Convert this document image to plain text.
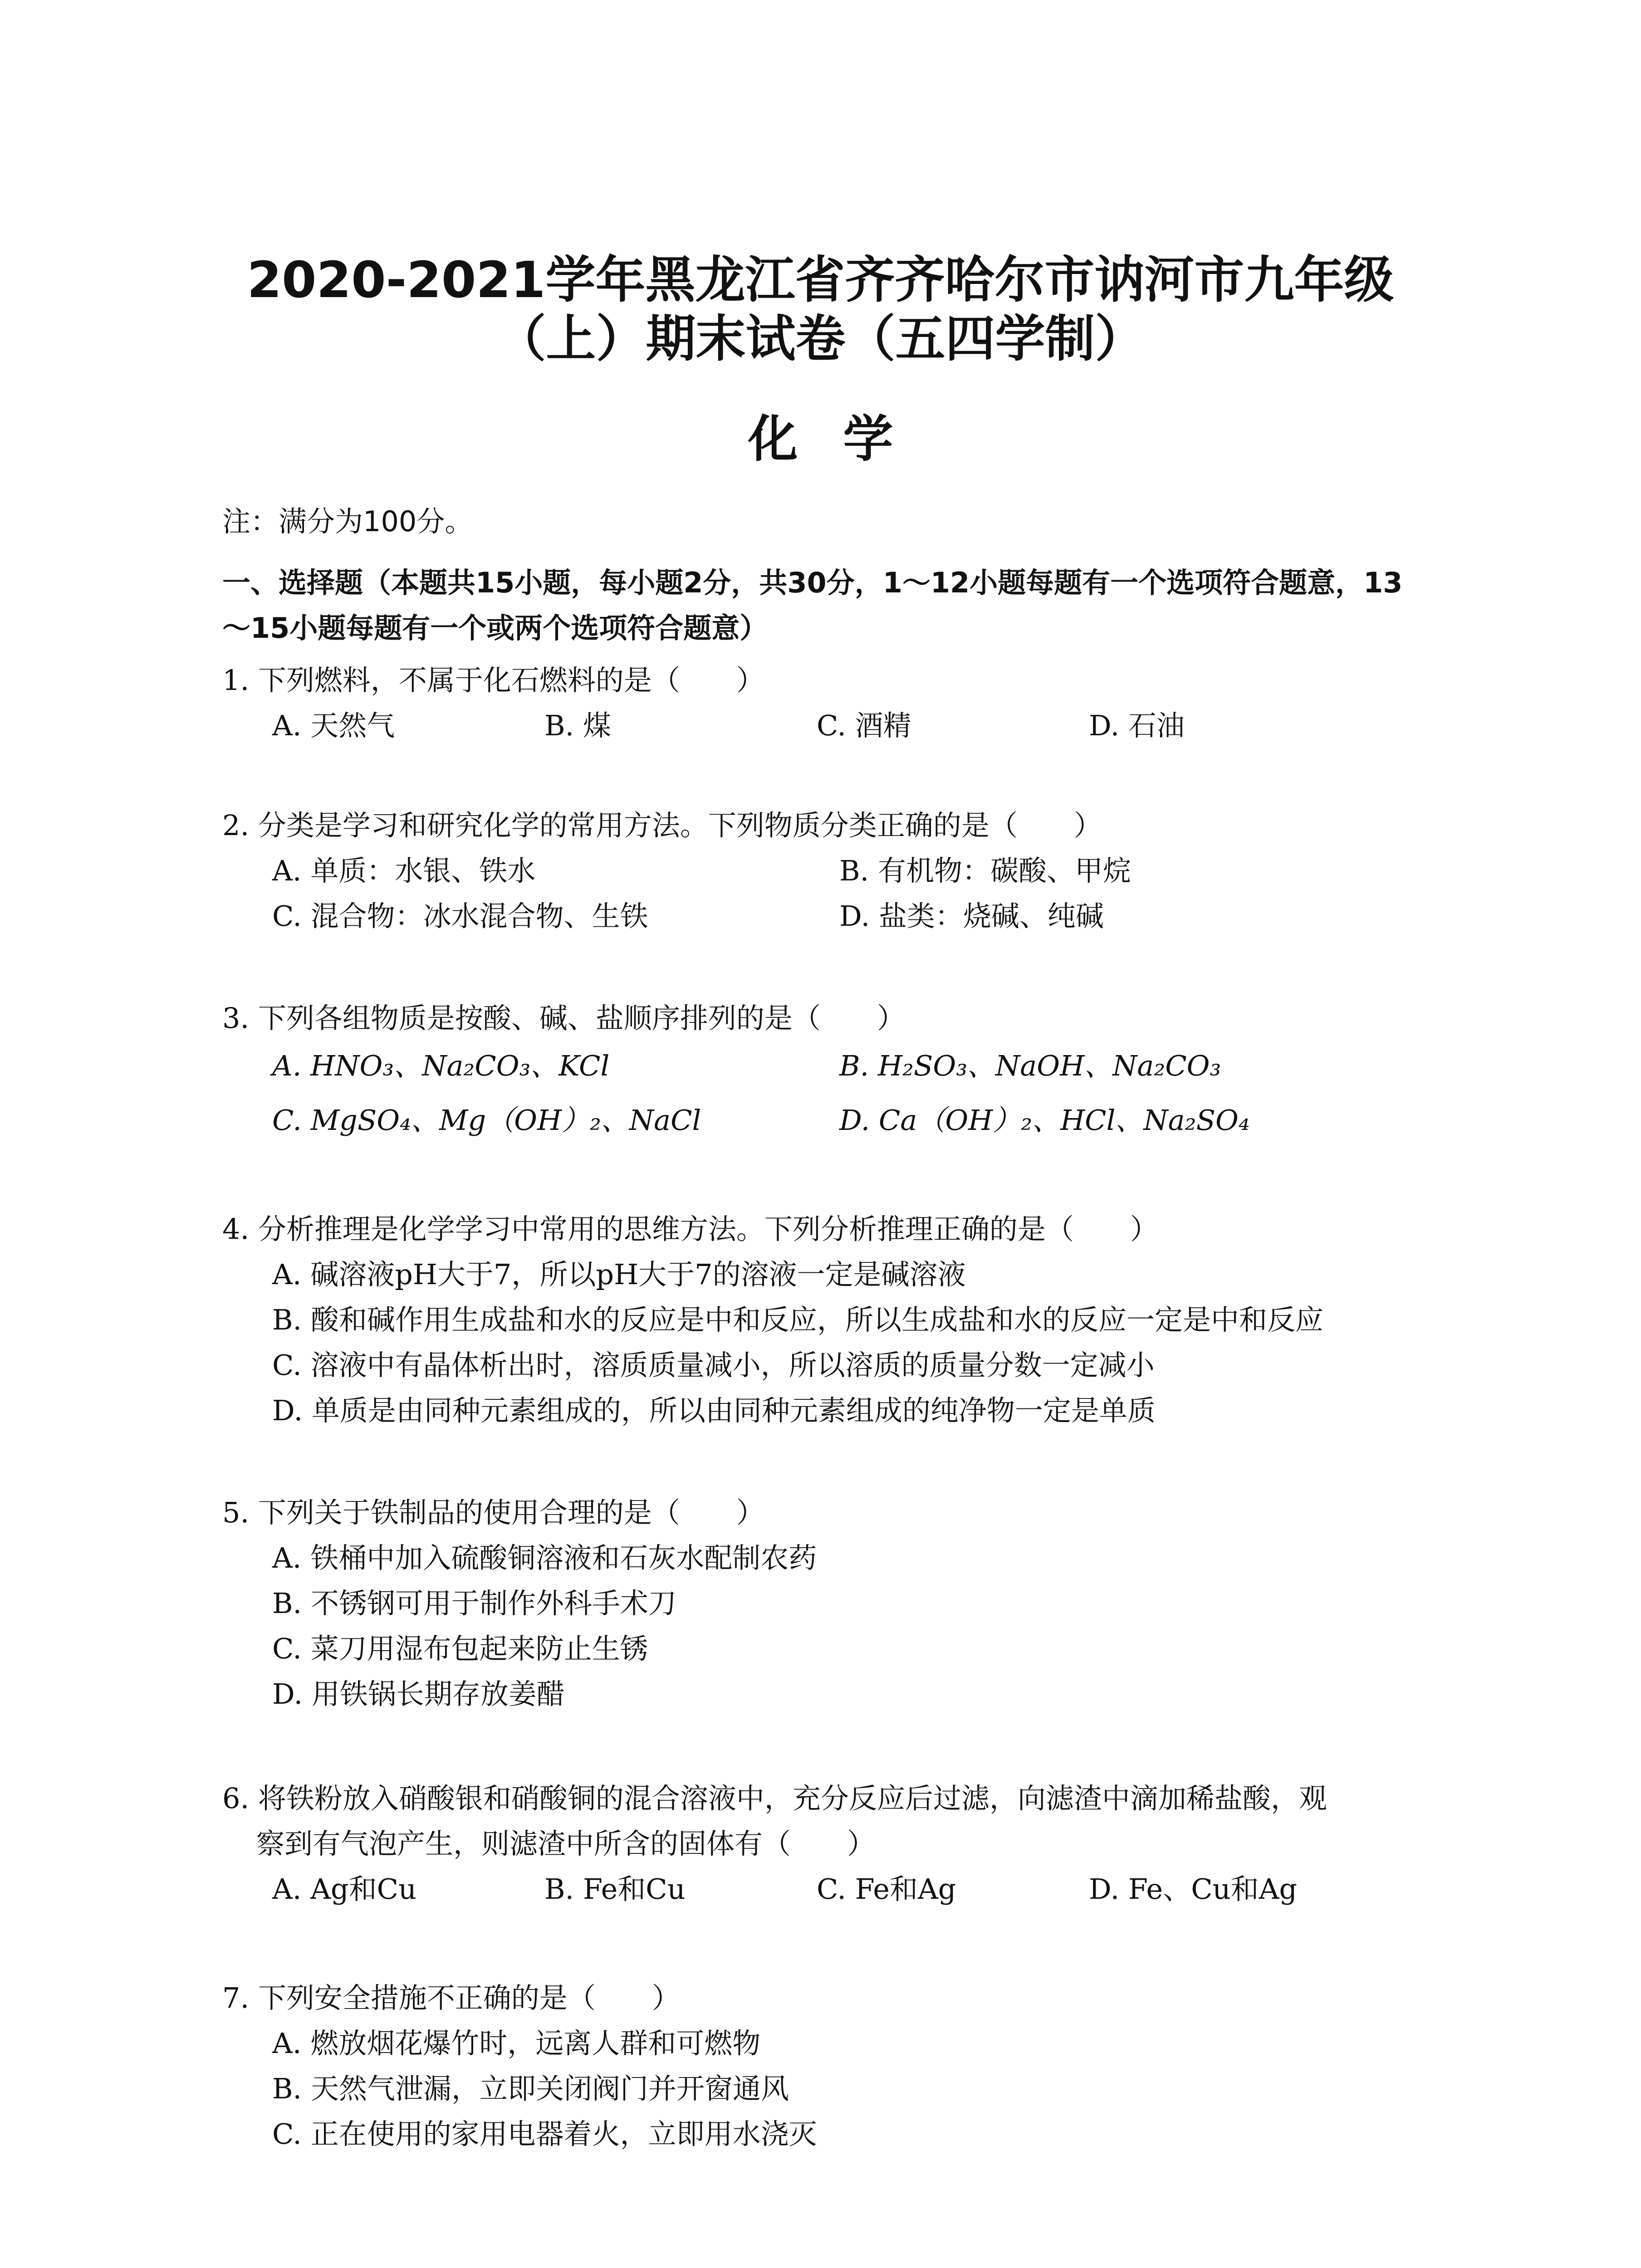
2020-2021学年黑龙江省齐齐哈尔市讷河市九年级
（上）期末试卷（五四学制）
化学
注：满分为100分。
一、选择题（本题共15小题，每小题2分，共30分，1～12小题每题有一个选项符合题意，13
～15小题每题有一个或两个选项符合题意）
1. 下列燃料，不属于化石燃料的是（　　）
A. 天然气	B. 煤	C. 酒精	D. 石油
2. 分类是学习和研究化学的常用方法。下列物质分类正确的是（　　）
A. 单质：水银、铁水	B. 有机物：碳酸、甲烷
C. 混合物：冰水混合物、生铁	D. 盐类：烧碱、纯碱
3. 下列各组物质是按酸、碱、盐顺序排列的是（　　）
A. HNO₃、Na₂CO₃、KCl	B. H₂SO₃、NaOH、Na₂CO₃
C. MgSO₄、Mg（OH）₂、NaCl	D. Ca（OH）₂、HCl、Na₂SO₄
4. 分析推理是化学学习中常用的思维方法。下列分析推理正确的是（　　）
A. 碱溶液pH大于7，所以pH大于7的溶液一定是碱溶液
B. 酸和碱作用生成盐和水的反应是中和反应，所以生成盐和水的反应一定是中和反应
C. 溶液中有晶体析出时，溶质质量减小，所以溶质的质量分数一定减小
D. 单质是由同种元素组成的，所以由同种元素组成的纯净物一定是单质
5. 下列关于铁制品的使用合理的是（　　）
A. 铁桶中加入硫酸铜溶液和石灰水配制农药
B. 不锈钢可用于制作外科手术刀
C. 菜刀用湿布包起来防止生锈
D. 用铁锅长期存放姜醋
6. 将铁粉放入硝酸银和硝酸铜的混合溶液中，充分反应后过滤，向滤渣中滴加稀盐酸，观
察到有气泡产生，则滤渣中所含的固体有（　　）
A. Ag和Cu	B. Fe和Cu	C. Fe和Ag	D. Fe、Cu和Ag
7. 下列安全措施不正确的是（　　）
A. 燃放烟花爆竹时，远离人群和可燃物
B. 天然气泄漏，立即关闭阀门并开窗通风
C. 正在使用的家用电器着火，立即用水浇灭
